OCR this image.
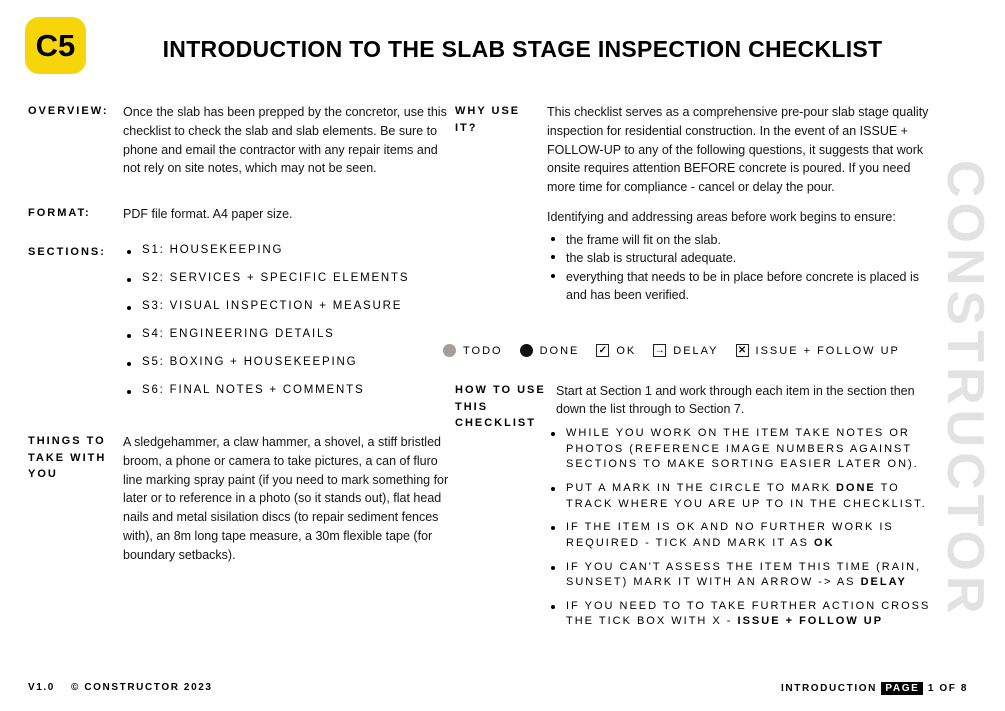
C5	INTRODUCTION TO THE SLAB STAGE INSPECTION CHECKLIST
CONSTRUCTOR
OVERVIEW:	Once the slab has been prepped by the concretor, use this checklist to check the slab and slab elements. Be sure to phone and email the contractor with any repair items and not rely on site notes, which may not be seen.
FORMAT:	PDF file format. A4 paper size.
SECTIONS:	S1: HOUSEKEEPING
S2: SERVICES + SPECIFIC ELEMENTS
S3: VISUAL INSPECTION + MEASURE
S4: ENGINEERING DETAILS
S5: BOXING + HOUSEKEEPING
S6: FINAL NOTES + COMMENTS
THINGS TO TAKE WITH YOU
A sledgehammer, a claw hammer, a shovel, a stiff bristled broom, a phone or camera to take pictures, a can of fluro line marking spray paint (if you need to mark something for later or to reference in a photo (so it stands out), flat head nails and metal sisilation discs (to repair sediment fences with), an 8m long tape measure, a 30m flexible tape (for boundary setbacks).
WHY USE IT?
This checklist serves as a comprehensive pre-pour slab stage quality inspection for residential construction. In the event of an ISSUE + FOLLOW-UP to any of the following questions, it suggests that work onsite requires attention BEFORE concrete is poured. If you need more time for compliance - cancel or delay the pour.
Identifying and addressing areas before work begins to ensure:
the frame will fit on the slab.
the slab is structural adequate.
everything that needs to be in place before concrete is placed is and has been verified.
TODO	DONE ✓ OK → DELAY ✕ ISSUE + FOLLOW UP
HOW TO USE THIS CHECKLIST
Start at Section 1 and work through each item in the section then down the list through to Section 7.
WHILE YOU WORK ON THE ITEM TAKE NOTES OR PHOTOS (REFERENCE IMAGE NUMBERS AGAINST SECTIONS TO MAKE SORTING EASIER LATER ON).
PUT A MARK IN THE CIRCLE TO MARK DONE TO TRACK WHERE YOU ARE UP TO IN THE CHECKLIST.
IF THE ITEM IS OK AND NO FURTHER WORK IS REQUIRED - TICK AND MARK IT AS OK
IF YOU CAN'T ASSESS THE ITEM THIS TIME (RAIN, SUNSET) MARK IT WITH AN ARROW -> AS DELAY
IF YOU NEED TO TO TAKE FURTHER ACTION CROSS THE TICK BOX WITH X - ISSUE + FOLLOW UP
V1.0 © CONSTRUCTOR 2023	INTRODUCTION PAGE 1 OF 8
